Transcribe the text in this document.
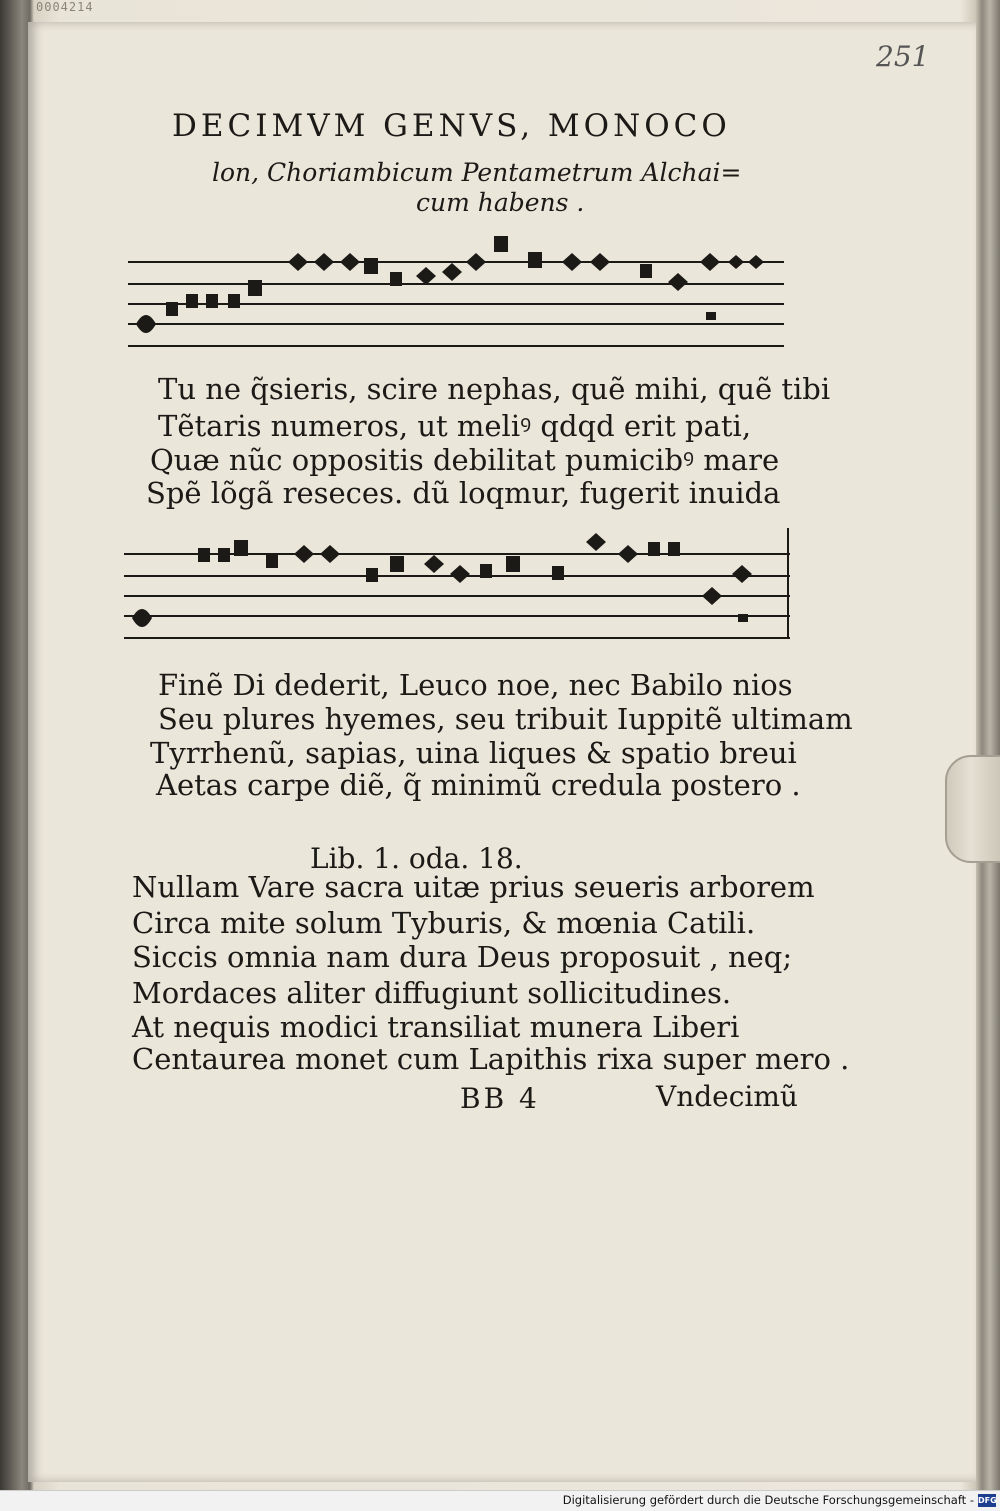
0004214
251
DECIMVM GENVS, MONOCO
lon, Choriambicum Pentametrum Alchai=
cum habens .
Tu ne q̃sieris, scire nephas, quẽ mihi, quẽ tibi
Tẽtaris numeros, ut meliꝰ qdqd erit pati,
Quæ nũc oppositis debilitat pumicibꝰ mare
Spẽ lõgã reseces. dũ loqmur, fugerit inuida
Finẽ Di dederit, Leuco noe, nec Babilo nios
Seu plures hyemes, seu tribuit Iuppitẽ ultimam
Tyrrhenũ, sapias, uina liques & spatio breui
Aetas carpe diẽ, q̃ minimũ credula postero .
Lib. 1. oda. 18.
Nullam Vare sacra uitæ prius seueris arborem
Circa mite solum Tyburis, & mœnia Catili.
Siccis omnia nam dura Deus proposuit , neq;
Mordaces aliter diffugiunt sollicitudines.
At nequis modici transiliat munera Liberi
Centaurea monet cum Lapithis rixa super mero .
BB 4	Vndecimũ
Digitalisierung gefördert durch die Deutsche Forschungsgemeinschaft - DFG
